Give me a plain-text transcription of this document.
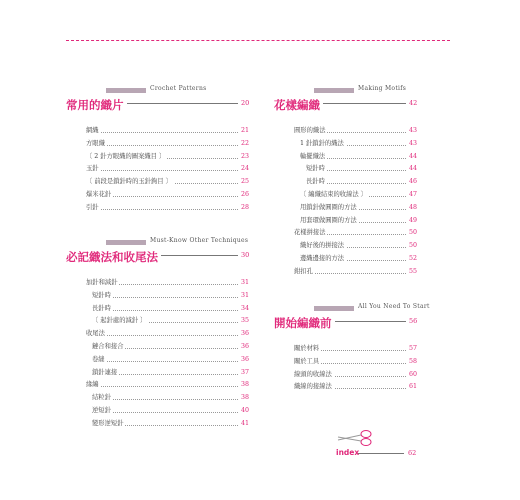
Crochet Patterns
常用的織片	20
網織	21
方眼織	22
〔 2 針方眼織的圖案織目 〕	23
玉針	24
〔 前段是鎖針時的玉針鉤目 〕	25
爆米花針	26
引針	28
Must-Know Other Techniques
必記織法和收尾法	30
加針和減針	31
短針時	31
長針時	34
〔 起針處的減針 〕	35
收尾法	36
鏈合和接合	36
卷縫	36
鎖針連接	37
緣編	38
結粒針	38
逆短針	40
變形逆短針	41
Making Motifs
花樣編織	42
圓形的織法	43
1 針鎖針的織法	43
輪擺織法	44
短針時	44
長針時	46
〔 編織結束的收線法 〕	47
用鎖針做圓圈的方法	48
用套環做圓圈的方法	49
花樣拼接法	50
織好後的拼接法	50
邊織邊接的方法	52
鉗扣孔	55
All You Need To Start
開始編織前	56
關於材料	57
關於工具	58
線頭的收線法	60
織線的接線法	61
index	62
